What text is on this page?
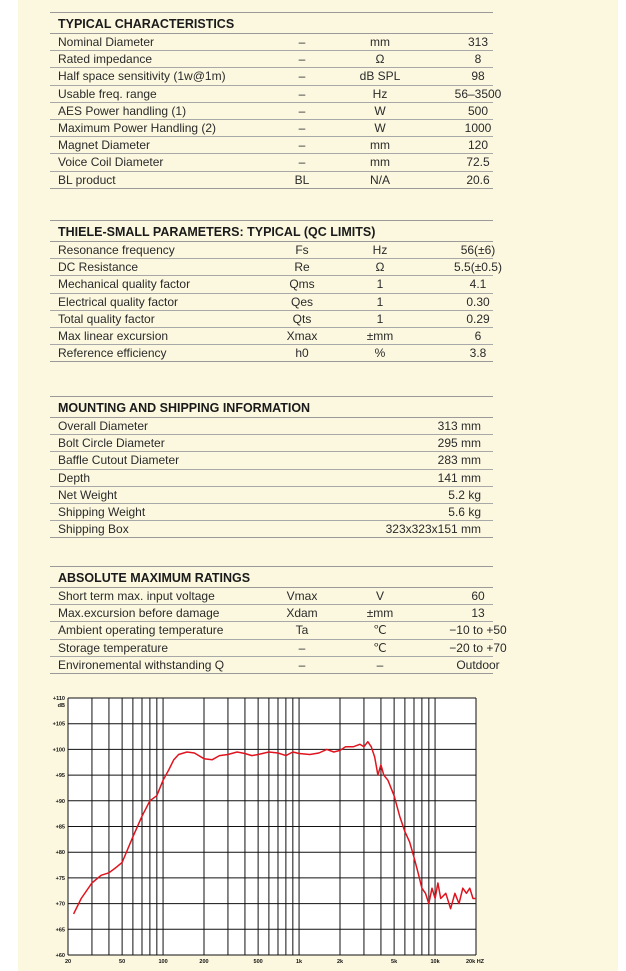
TYPICAL CHARACTERISTICS
Nominal Diameter	–	mm	313
Rated impedance	–	Ω	8
Half space sensitivity (1w@1m)	–	dB SPL	98
Usable freq. range	–	Hz	56–3500
AES Power handling (1)	–	W	500
Maximum Power Handling (2)	–	W	1000
Magnet Diameter	–	mm	120
Voice Coil Diameter	–	mm	72.5
BL product	BL	N/A	20.6
THIELE-SMALL PARAMETERS: TYPICAL (QC LIMITS)
Resonance frequency	Fs	Hz	56(±6)
DC Resistance	Re	Ω	5.5(±0.5)
Mechanical quality factor	Qms	1	4.1
Electrical quality factor	Qes	1	0.30
Total quality factor	Qts	1	0.29
Max linear excursion	Xmax	±mm	6
Reference efficiency	h0	%	3.8
MOUNTING AND SHIPPING INFORMATION
Overall Diameter	313 mm
Bolt Circle Diameter	295 mm
Baffle Cutout Diameter	283 mm
Depth	141 mm
Net Weight	5.2 kg
Shipping Weight	5.6 kg
Shipping Box	323x323x151 mm
ABSOLUTE MAXIMUM RATINGS
Short term max. input voltage	Vmax	V	60
Max.excursion before damage	Xdam	±mm	13
Ambient operating temperature	Ta	℃	−10 to +50
Storage temperature	–	℃	−20 to +70
Environemental withstanding Q	–	–	Outdoor
+60
+65
+70
+75
+80
+85
+90
+95
+100
+105
+110
dB
20	50	100	200	500	1k	2k	5k	10k	20k HZ
